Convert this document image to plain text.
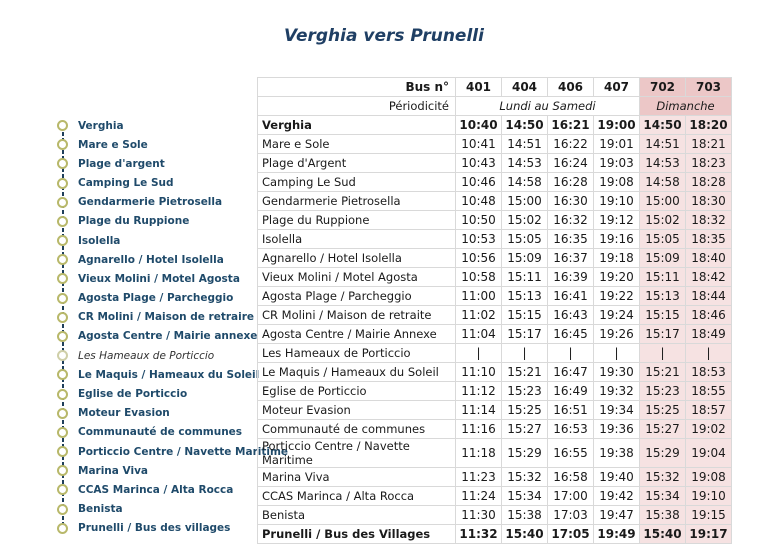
Verghia vers Prunelli
Verghia
Mare e Sole
Plage d'argent
Camping Le Sud
Gendarmerie Pietrosella
Plage du Ruppione
Isolella
Agnarello / Hotel Isolella
Vieux Molini / Motel Agosta
Agosta Plage / Parcheggio
CR Molini / Maison de retraire
Agosta Centre / Mairie annexe
Les Hameaux de Porticcio
Le Maquis / Hameaux du Soleil
Eglise de Porticcio
Moteur Evasion
Communauté de communes
Porticcio Centre / Navette Maritime
Marina Viva
CCAS Marinca / Alta Rocca
Benista
Prunelli / Bus des villages
Bus n°	401	404	406	407	702	703
Périodicité	Lundi au Samedi				Dimanche	
Verghia	10:40	14:50	16:21	19:00	14:50	18:20
Mare e Sole	10:41	14:51	16:22	19:01	14:51	18:21
Plage d'Argent	10:43	14:53	16:24	19:03	14:53	18:23
Camping Le Sud	10:46	14:58	16:28	19:08	14:58	18:28
Gendarmerie Pietrosella	10:48	15:00	16:30	19:10	15:00	18:30
Plage du Ruppione	10:50	15:02	16:32	19:12	15:02	18:32
Isolella	10:53	15:05	16:35	19:16	15:05	18:35
Agnarello / Hotel Isolella	10:56	15:09	16:37	19:18	15:09	18:40
Vieux Molini / Motel Agosta	10:58	15:11	16:39	19:20	15:11	18:42
Agosta Plage / Parcheggio	11:00	15:13	16:41	19:22	15:13	18:44
CR Molini / Maison de retraite	11:02	15:15	16:43	19:24	15:15	18:46
Agosta Centre / Mairie Annexe	11:04	15:17	16:45	19:26	15:17	18:49
Les Hameaux de Porticcio	|	|	|	|	|	|
Le Maquis / Hameaux du Soleil	11:10	15:21	16:47	19:30	15:21	18:53
Eglise de Porticcio	11:12	15:23	16:49	19:32	15:23	18:55
Moteur Evasion	11:14	15:25	16:51	19:34	15:25	18:57
Communauté de communes	11:16	15:27	16:53	19:36	15:27	19:02
Porticcio Centre / Navette Maritime	11:18	15:29	16:55	19:38	15:29	19:04
Marina Viva	11:23	15:32	16:58	19:40	15:32	19:08
CCAS Marinca / Alta Rocca	11:24	15:34	17:00	19:42	15:34	19:10
Benista	11:30	15:38	17:03	19:47	15:38	19:15
Prunelli / Bus des Villages	11:32	15:40	17:05	19:49	15:40	19:17
